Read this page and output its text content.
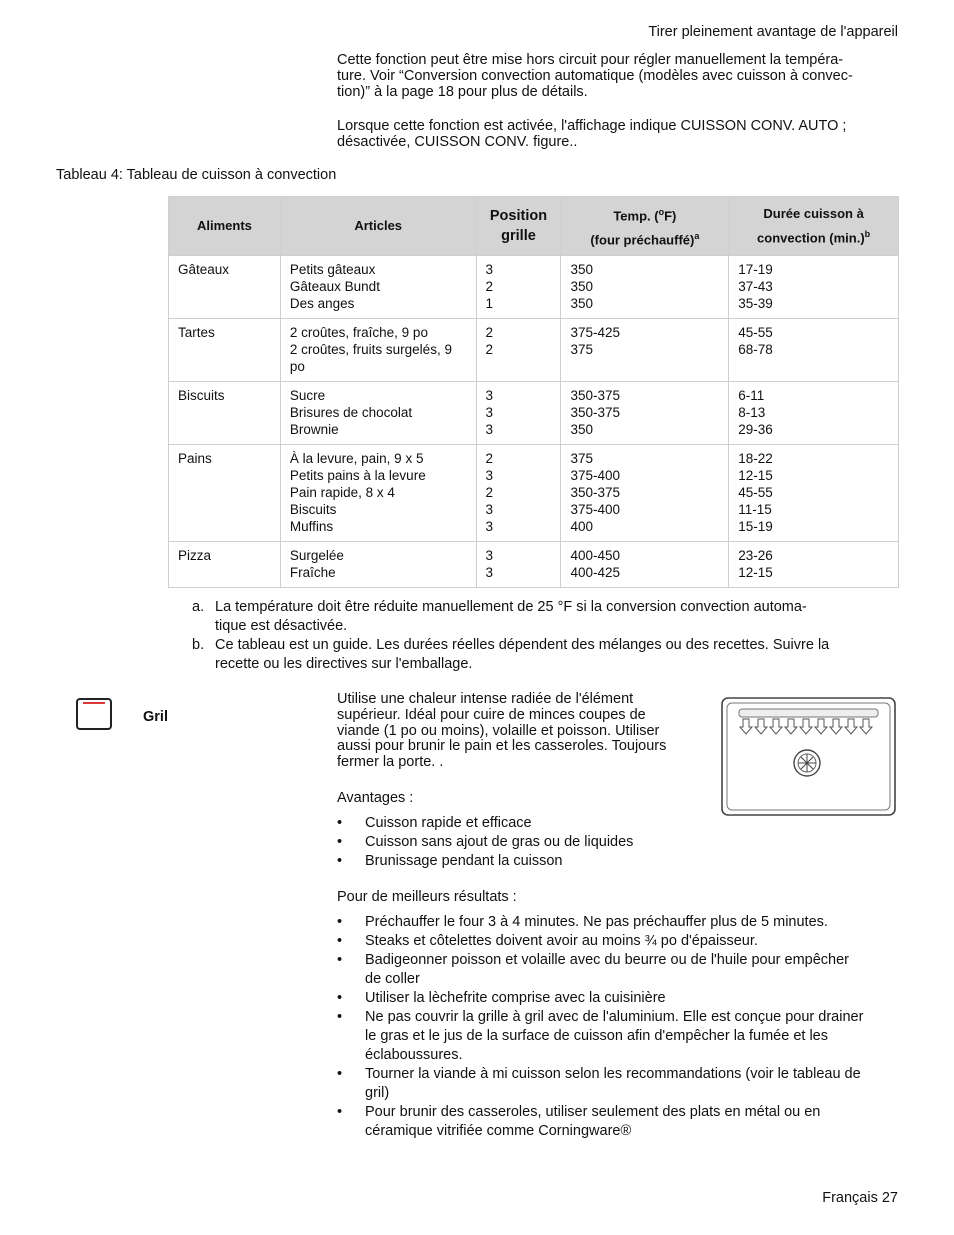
Tirer pleinement avantage de l'appareil

Cette fonction peut être mise hors circuit pour régler manuellement la tempéra-

ture. Voir “Conversion convection automatique (modèles avec cuisson à convec-

tion)” à la page 18 pour plus de détails.

Lorsque cette fonction est activée, l'affichage indique CUISSON CONV. AUTO ;

désactivée, CUISSON CONV. figure..

Tableau 4: Tableau de cuisson à convection
Aliments	Articles	Position
grille	Temp. ($^o$F)
(four préchauffé)$^a$	Durée cuisson à
convection $(\min.)^b$

Gâteaux	Petits gâteaux
Gâteaux Bundt
Des anges	3
2
1	350
350
350	17-19
37-43
35-39

Tartes	2 croûtes, fraîche, 9 po
2 croûtes, fruits surgelés, 9
po	2
2	375-425
375	45-55
68-78

Biscuits	Sucre
Brisures de chocolat
Brownie	3
3
3	350-375
350-375
350	6-11
8-13
29-36

Pains	À la levure, pain, 9 x 5
Petits pains à la levure
Pain rapide, 8 x 4
Biscuits
Muffins	2
3
2
3
3	375
375-400
350-375
375-400
400	18-22
12-15
45-55
11-15
15-19

Pizza	Surgelée
Fraîche	3
3	400-450
400-425	23-26
12-15
a. La température doit être réduite manuellement de 25 °F si la conversion convection automa-
tique est désactivée.
b. Ce tableau est un guide. Les durées réelles dépendent des mélanges ou des recettes. Suivre la
recette ou les directives sur l'emballage.
Gril
Utilise une chaleur intense radiée de l'élément
supérieur. Idéal pour cuire de minces coupes de
viande (1 po ou moins), volaille et poisson. Utiliser
aussi pour brunir le pain et les casseroles. Toujours
fermer la porte. .
Avantages :
•	Cuisson rapide et efficace
•	Cuisson sans ajout de gras ou de liquides
•	Brunissage pendant la cuisson
Pour de meilleurs résultats :
•	Préchauffer le four 3 à 4 minutes. Ne pas préchauffer plus de 5 minutes.
•	Steaks et côtelettes doivent avoir au moins ¾ po d'épaisseur.
•	Badigeonner poisson et volaille avec du beurre ou de l'huile pour empêcher
de coller
•	Utiliser la lèchefrite comprise avec la cuisinière
•	Ne pas couvrir la grille à gril avec de l'aluminium. Elle est conçue pour drainer
le gras et le jus de la surface de cuisson afin d'empêcher la fumée et les
éclaboussures.
•	Tourner la viande à mi cuisson selon les recommandations (voir le tableau de
gril)
•	Pour brunir des casseroles, utiliser seulement des plats en métal ou en
céramique vitrifiée comme Corningware®
Français 27
